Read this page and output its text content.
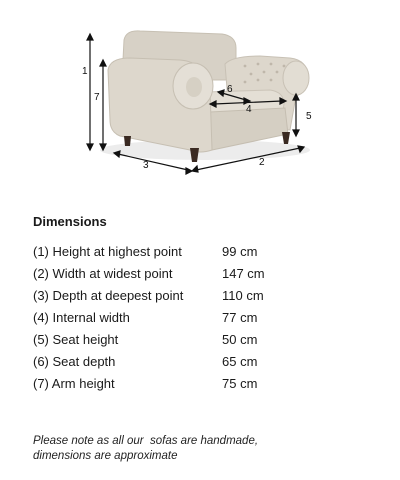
1
7
3	2
5
4
6
Dimensions
(1) Height at highest point	99 cm
(2) Width at widest point	147 cm
(3) Depth at deepest point	110 cm
(4) Internal width	77 cm
(5) Seat height	50 cm
(6) Seat depth	65 cm
(7) Arm height	75 cm
Please note as all our  sofas are handmade,
dimensions are approximate
